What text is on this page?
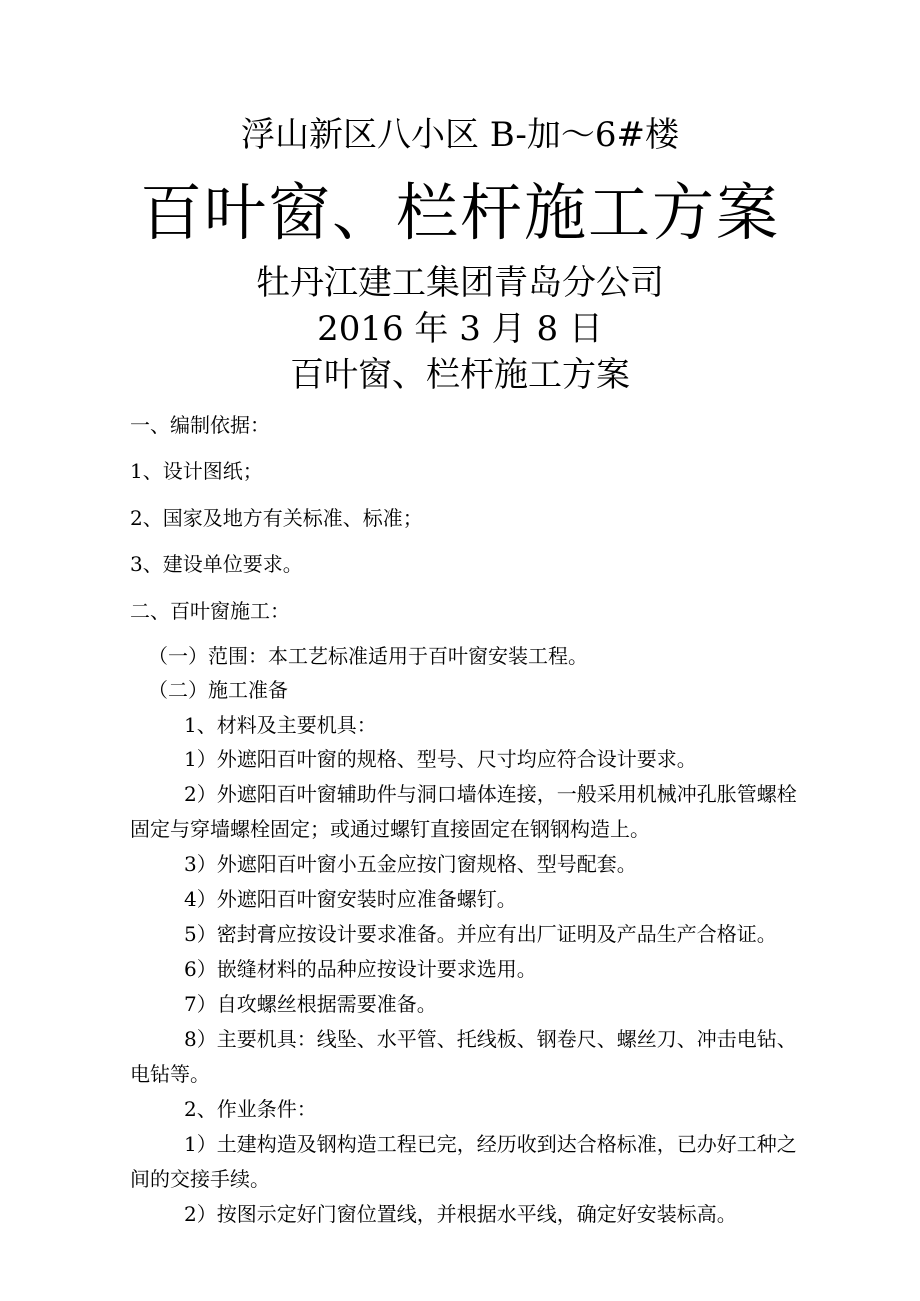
浮山新区八小区 B-加～6#楼
百叶窗、栏杆施工方案
牡丹江建工集团青岛分公司
2016 年 3 月 8 日
百叶窗、栏杆施工方案
一、编制依据：
1、设计图纸；
2、国家及地方有关标准、标准；
3、建设单位要求。
二、百叶窗施工：
（一）范围：本工艺标准适用于百叶窗安装工程。
（二）施工准备
1、材料及主要机具：
1）外遮阳百叶窗的规格、型号、尺寸均应符合设计要求。
2）外遮阳百叶窗辅助件与洞口墙体连接，一般采用机械冲孔胀管螺栓
固定与穿墙螺栓固定；或通过螺钉直接固定在钢钢构造上。
3）外遮阳百叶窗小五金应按门窗规格、型号配套。
4）外遮阳百叶窗安装时应准备螺钉。
5）密封膏应按设计要求准备。并应有出厂证明及产品生产合格证。
6）嵌缝材料的品种应按设计要求选用。
7）自攻螺丝根据需要准备。
8）主要机具：线坠、水平管、托线板、钢卷尺、螺丝刀、冲击电钻、
电钻等。
2、作业条件：
1）土建构造及钢构造工程已完，经历收到达合格标准，已办好工种之
间的交接手续。
2）按图示定好门窗位置线，并根据水平线，确定好安装标高。
